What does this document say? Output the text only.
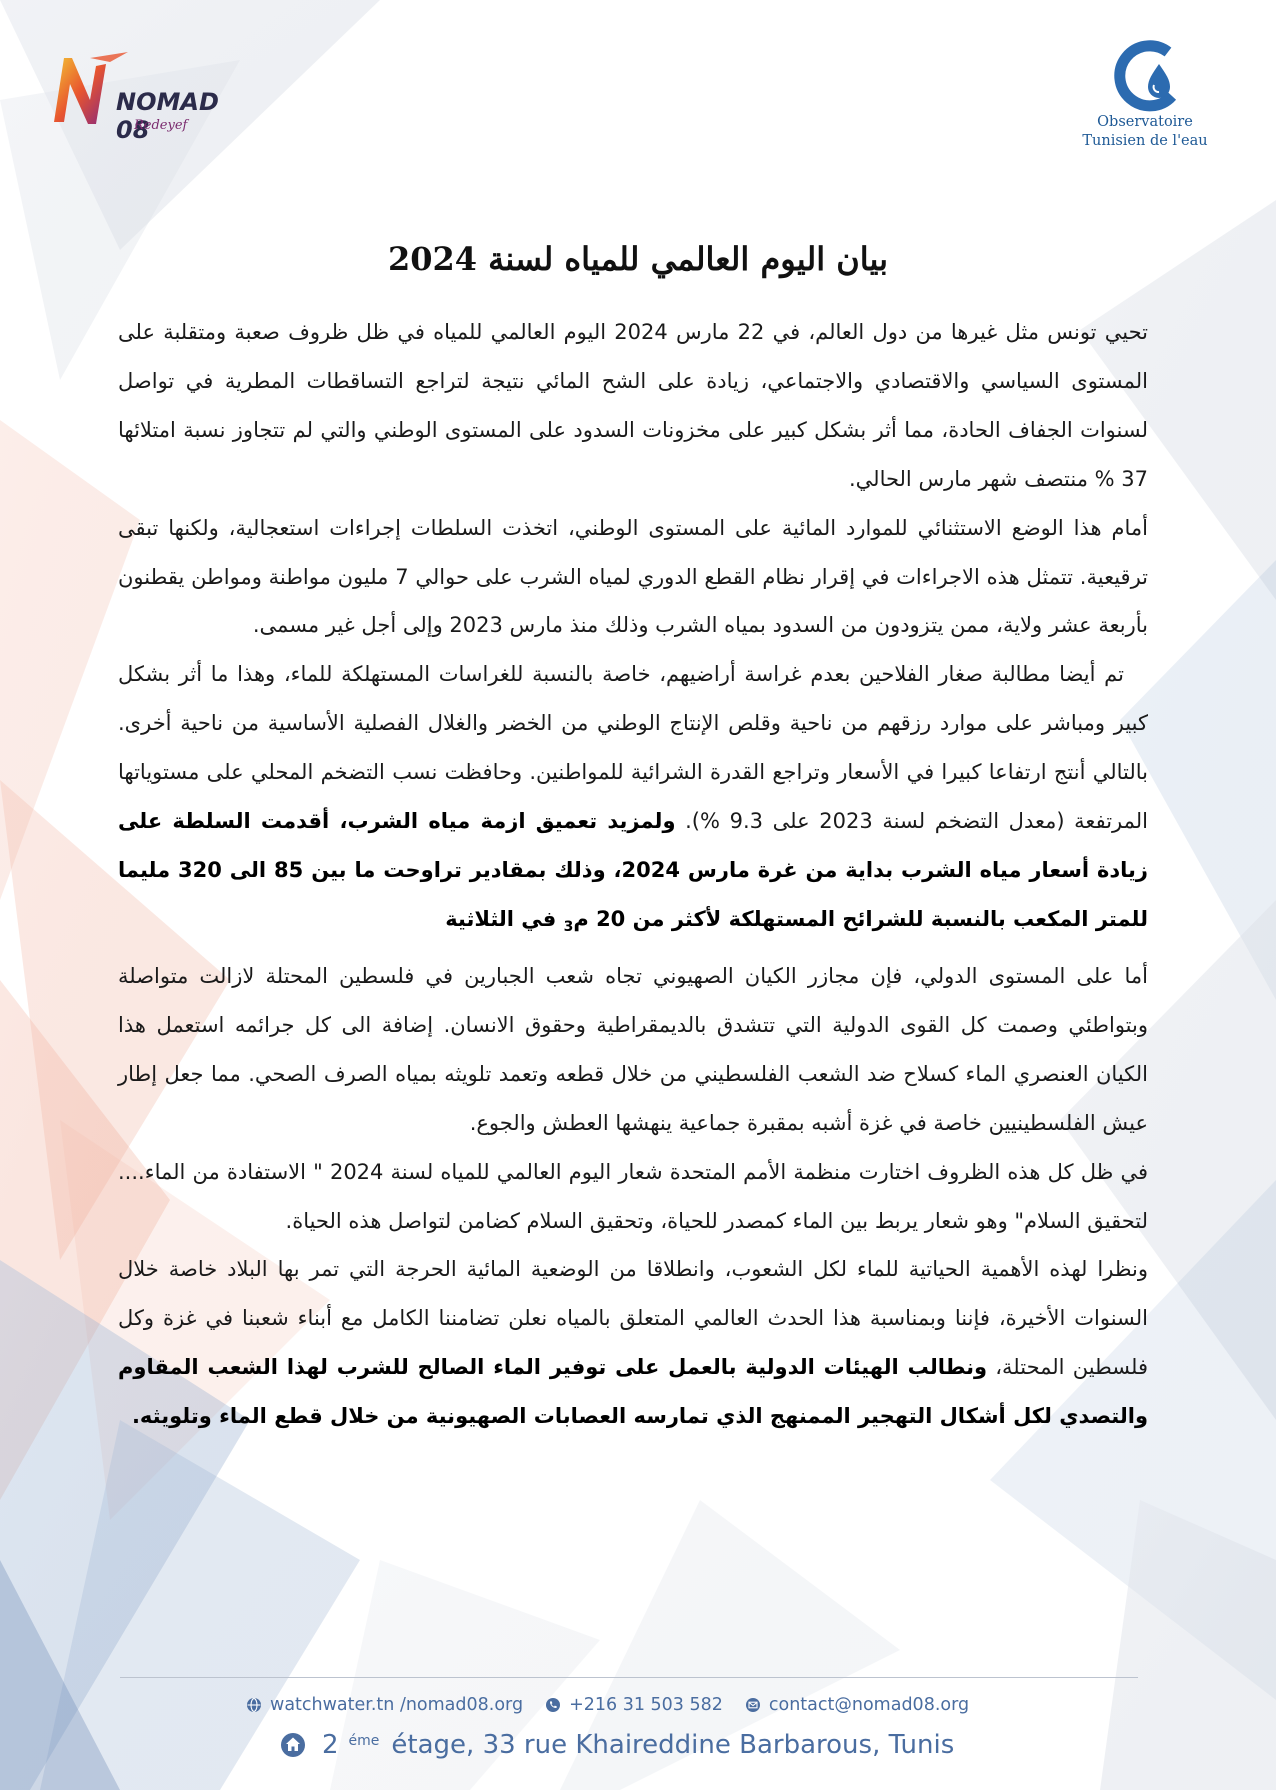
NOMAD 08
Redeyef	Observatoire
Tunisien de l'eau
بيان اليوم العالمي للمياه لسنة 2024

تحيي تونس مثل غيرها من دول العالم، في 22 مارس 2024 اليوم العالمي للمياه في ظل ظروف صعبة ومتقلبة على المستوى السياسي والاقتصادي والاجتماعي، زيادة على الشح المائي نتيجة لتراجع التساقطات المطرية في تواصل لسنوات الجفاف الحادة، مما أثر بشكل كبير على مخزونات السدود على المستوى الوطني والتي لم تتجاوز نسبة امتلائها 37 % منتصف شهر مارس الحالي.

أمام هذا الوضع الاستثنائي للموارد المائية على المستوى الوطني، اتخذت السلطات إجراءات استعجالية، ولكنها تبقى ترقيعية. تتمثل هذه الاجراءات في إقرار نظام القطع الدوري لمياه الشرب على حوالي 7 مليون مواطنة ومواطن يقطنون بأربعة عشر ولاية، ممن يتزودون من السدود بمياه الشرب وذلك منذ مارس 2023 وإلى أجل غير مسمى.

تم أيضا مطالبة صغار الفلاحين بعدم غراسة أراضيهم، خاصة بالنسبة للغراسات المستهلكة للماء، وهذا ما أثر بشكل كبير ومباشر على موارد رزقهم من ناحية وقلص الإنتاج الوطني من الخضر والغلال الفصلية الأساسية من ناحية أخرى. بالتالي أنتج ارتفاعا كبيرا في الأسعار وتراجع القدرة الشرائية للمواطنين. وحافظت نسب التضخم المحلي على مستوياتها المرتفعة (معدل التضخم لسنة 2023 على 9.3 %). ولمزيد تعميق ازمة مياه الشرب، أقدمت السلطة على زيادة أسعار مياه الشرب بداية من غرة مارس 2024، وذلك بمقادير تراوحت ما بين 85 الى 320 مليما للمتر المكعب بالنسبة للشرائح المستهلكة لأكثر من 20 م$_3$ في الثلاثية

أما على المستوى الدولي، فإن مجازر الكيان الصهيوني تجاه شعب الجبارين في فلسطين المحتلة لازالت متواصلة وبتواطئي وصمت كل القوى الدولية التي تتشدق بالديمقراطية وحقوق الانسان. إضافة الى كل جرائمه استعمل هذا الكيان العنصري الماء كسلاح ضد الشعب الفلسطيني من خلال قطعه وتعمد تلويثه بمياه الصرف الصحي. مما جعل إطار عيش الفلسطينيين خاصة في غزة أشبه بمقبرة جماعية ينهشها العطش والجوع.

في ظل كل هذه الظروف اختارت منظمة الأمم المتحدة شعار اليوم العالمي للمياه لسنة 2024 " الاستفادة من الماء.... لتحقيق السلام" وهو شعار يربط بين الماء كمصدر للحياة، وتحقيق السلام كضامن لتواصل هذه الحياة.

ونظرا لهذه الأهمية الحياتية للماء لكل الشعوب، وانطلاقا من الوضعية المائية الحرجة التي تمر بها البلاد خاصة خلال السنوات الأخيرة، فإننا وبمناسبة هذا الحدث العالمي المتعلق بالمياه نعلن تضامننا الكامل مع أبناء شعبنا في غزة وكل فلسطين المحتلة، ونطالب الهيئات الدولية بالعمل على توفير الماء الصالح للشرب لهذا الشعب المقاوم والتصدي لكل أشكال التهجير الممنهج الذي تمارسه العصابات الصهيونية من خلال قطع الماء وتلويثه.

watchwater.tn /nomad08.org	+216 31 503 582	contact@nomad08.org
2 $^{éme}$ étage, 33 rue Khaireddine Barbarous, Tunis
